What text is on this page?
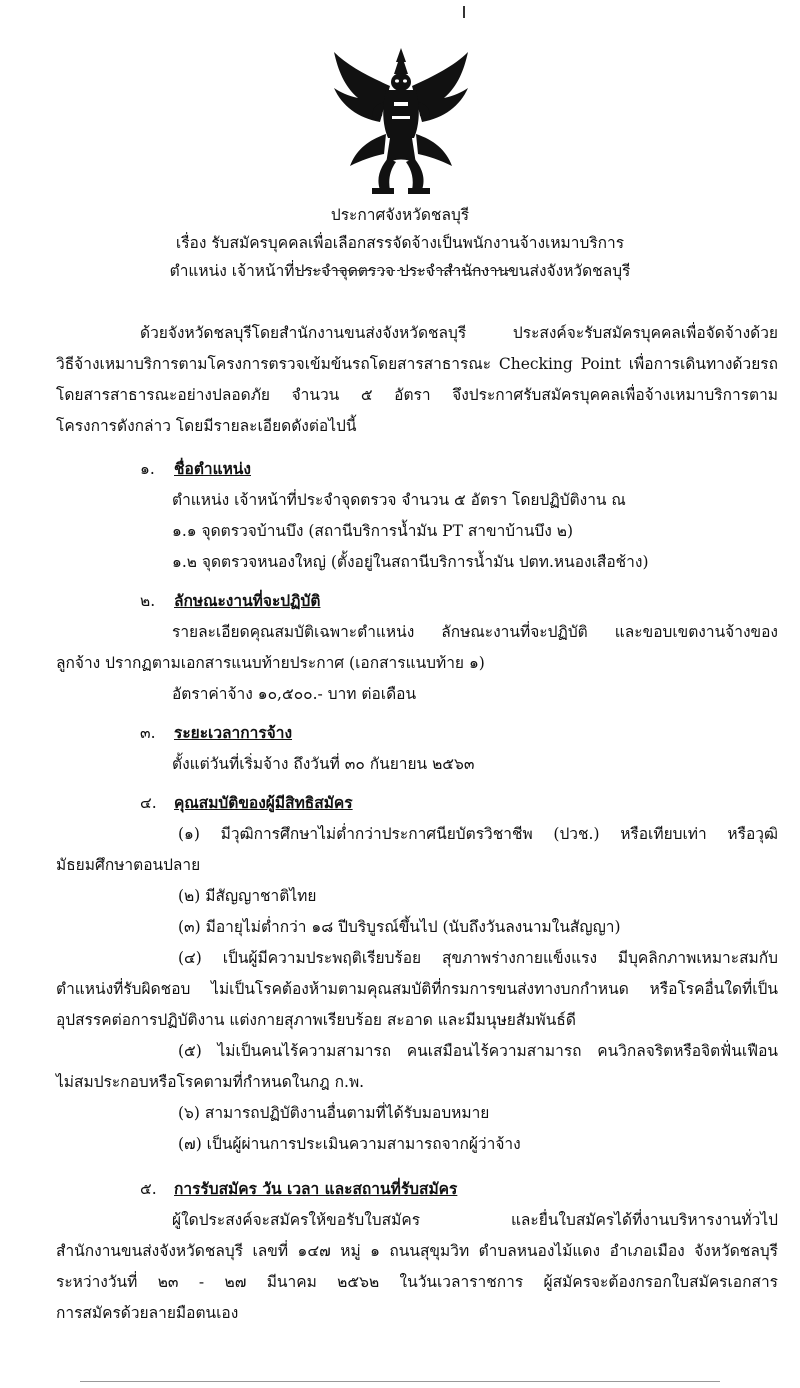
ประกาศจังหวัดชลบุรี
เรื่อง รับสมัครบุคคลเพื่อเลือกสรรจัดจ้างเป็นพนักงานจ้างเหมาบริการ
ตำแหน่ง เจ้าหน้าที่ประจำจุดตรวจ ประจำสำนักงานขนส่งจังหวัดชลบุรี
ด้วยจังหวัดชลบุรีโดยสำนักงานขนส่งจังหวัดชลบุรี ประสงค์จะรับสมัครบุคคลเพื่อจัดจ้างด้วย
วิธีจ้างเหมาบริการตามโครงการตรวจเข้มข้นรถโดยสารสาธารณะ Checking Point เพื่อการเดินทางด้วยรถ
โดยสารสาธารณะอย่างปลอดภัย จำนวน ๕ อัตรา จึงประกาศรับสมัครบุคคลเพื่อจ้างเหมาบริการตาม
โครงการดังกล่าว โดยมีรายละเอียดดังต่อไปนี้
๑. ชื่อตำแหน่ง
ตำแหน่ง เจ้าหน้าที่ประจำจุดตรวจ จำนวน ๕ อัตรา โดยปฏิบัติงาน ณ
๑.๑ จุดตรวจบ้านบึง (สถานีบริการน้ำมัน PT สาขาบ้านบึง ๒)
๑.๒ จุดตรวจหนองใหญ่ (ตั้งอยู่ในสถานีบริการน้ำมัน ปตท.หนองเสือช้าง)
๒. ลักษณะงานที่จะปฏิบัติ
รายละเอียดคุณสมบัติเฉพาะตำแหน่ง ลักษณะงานที่จะปฏิบัติ และขอบเขตงานจ้างของ
ลูกจ้าง ปรากฏตามเอกสารแนบท้ายประกาศ (เอกสารแนบท้าย ๑)
อัตราค่าจ้าง ๑๐,๕๐๐.- บาท ต่อเดือน
๓. ระยะเวลาการจ้าง
ตั้งแต่วันที่เริ่มจ้าง ถึงวันที่ ๓๐ กันยายน ๒๕๖๓
๔. คุณสมบัติของผู้มีสิทธิสมัคร
(๑) มีวุฒิการศึกษาไม่ต่ำกว่าประกาศนียบัตรวิชาชีพ (ปวช.) หรือเทียบเท่า หรือวุฒิ
มัธยมศึกษาตอนปลาย
(๒) มีสัญญาชาติไทย
(๓) มีอายุไม่ต่ำกว่า ๑๘ ปีบริบูรณ์ขึ้นไป (นับถึงวันลงนามในสัญญา)
(๔) เป็นผู้มีความประพฤติเรียบร้อย สุขภาพร่างกายแข็งแรง มีบุคลิกภาพเหมาะสมกับ
ตำแหน่งที่รับผิดชอบ ไม่เป็นโรคต้องห้ามตามคุณสมบัติที่กรมการขนส่งทางบกกำหนด หรือโรคอื่นใดที่เป็น
อุปสรรคต่อการปฏิบัติงาน แต่งกายสุภาพเรียบร้อย สะอาด และมีมนุษยสัมพันธ์ดี
(๕) ไม่เป็นคนไร้ความสามารถ คนเสมือนไร้ความสามารถ คนวิกลจริตหรือจิตฟั่นเฟือน
ไม่สมประกอบหรือโรคตามที่กำหนดในกฎ ก.พ.
(๖) สามารถปฏิบัติงานอื่นตามที่ได้รับมอบหมาย
(๗) เป็นผู้ผ่านการประเมินความสามารถจากผู้ว่าจ้าง
๕. การรับสมัคร วัน เวลา และสถานที่รับสมัคร
ผู้ใดประสงค์จะสมัครให้ขอรับใบสมัคร และยื่นใบสมัครได้ที่งานบริหารงานทั่วไป
สำนักงานขนส่งจังหวัดชลบุรี เลขที่ ๑๔๗ หมู่ ๑ ถนนสุขุมวิท ตำบลหนองไม้แดง อำเภอเมือง จังหวัดชลบุรี
ระหว่างวันที่ ๒๓ - ๒๗ มีนาคม ๒๕๖๒ ในวันเวลาราชการ ผู้สมัครจะต้องกรอกใบสมัครเอกสาร
การสมัครด้วยลายมือตนเอง
